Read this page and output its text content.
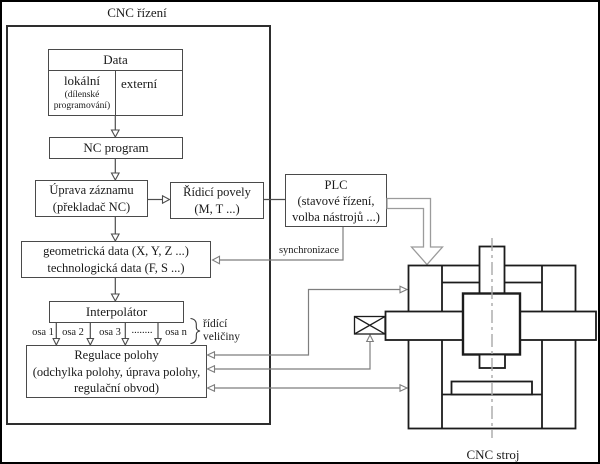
CNC řízení
Data
lokální
(dílenské
programování)
externí
NC program
Úprava záznamu
(překladač NC)
Řídicí povely
(M, T ...)
PLC
(stavové řízení,
volba nástrojů ...)
geometrická data (X, Y, Z ...)
technologická data (F, S ...)
Interpolátor
Regulace polohy
(odchylka polohy, úprava polohy,
regulační obvod)
synchronizace
osa 1 osa 2 osa 3	........	osa n
řídící
veličiny
CNC stroj
